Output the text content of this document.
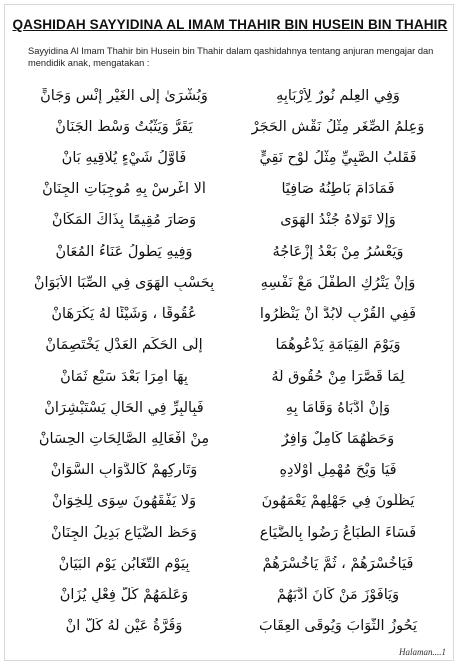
QASHIDAH SAYYIDINA AL IMAM THAHIR BIN HUSEIN BIN THAHIR
Sayyidina Al Imam Thahir bin Husein bin Thahir dalam qashidahnya tentang anjuran mengajar dan mendidik anak, mengatakan :
وَفِي الْعِلْمِ نُورٌ لِأَرْبَابِهِ
وَبُشْرَىٰ إِلَى الْغَيْرِ إِنْسٍ وَجَانٍّ
وَعِلْمُ الصِّغَرِ مِثْلُ نَقْشِ الْحَجَرْ
يَقَرُّ وَيَثْبُتُ وَسْطَ الْجَنَانْ
فَقَلْبُ الصَّبِيِّ مِثْلُ لَوْحٍ نَقِيٍّ
فَأَوَّلُ شَيْءٍ يُلَاقِيهِ بَانْ
فَمَادَامَ بَاطِنُهُ صَافِيًا
أَلَا اغْرِسْ بِهِ مُوجِبَاتِ الْجِنَانْ
وَإِلَّا تَوَلَّاهُ جُنْدُ الْهَوَى
وَصَارَ مُقِيمًا بِذَاكَ الْمَكَانْ
وَيَعْسُرُ مِنْ بَعْدُ إِزْعَاجُهُ
وَفِيهِ يَطُولُ عَنَاءُ الْمُعَانْ
وَإِنْ يَتْرُكِ الطِّفْلَ مَعْ نَفْسِهِ
بِحَسْبِ الْهَوَى فِي الصِّبَا الْأَبَوَانْ
فَفِي الْقُرْبِ لَابُدَّ أَنْ يَنْظُرُوا
عُقُوقًا ، وَشَيْئًا لَهُ يَكْرَهَانْ
وَيَوْمَ الْقِيَامَةِ يَدْعُوهُمَا
إِلَى الْحَكَمِ الْعَدْلِ يَخْتَصِمَانْ
لِمَا قَصَّرَا مِنْ حُقُوقٍ لَهُ
بِهَا أُمِرَا بَعْدَ سَبْعٍ ثَمَانْ
وَإِنْ أَدَّبَاهُ وَقَامَا بِهِ
فَبِالْبِرِّ فِي الْحَالِ يَسْتَبْشِرَانْ
وَحَظُّهُمَا كَامِلٌ وَافِرٌ
مِنْ أَفْعَالِهِ الصَّالِحَاتِ الْحِسَانْ
فَيَا وَيْحَ مُهْمِلِ أَوْلَادِهِ
وَتَارِكِهِمْ كَالدَّوَابِ السَّوَانْ
يَظُلُّونَ فِي جَهْلِهِمْ يَعْمَهُونَ
وَلَا يَفْقَهُونَ سِوَى لِلْخِوَانْ
فَسَاءَ الطِّبَاعُ رَضُوا بِالضَّيَاعِ
وَحَظُّ الضَّيَاعِ بَدِيلُ الْجِنَانْ
فَيَاخُسْرَهُمْ ، ثُمَّ يَاخُسْرَهُمْ
بِيَوْمِ التَّغَابُنِ يَوْمِ الْبَيَانْ
وَيَافَوْزَ مَنْ كَانَ أَدَّبَهُمْ
وَعَلَّمَهُمْ كُلَّ فِعْلٍ يُزَانْ
يَحُوزُ الثَّوَابَ وَيُوقَى الْعِقَابَ
وَقُرَّةُ عَيْنٍ لَهُ كُلَّ آنْ
Halaman....1
